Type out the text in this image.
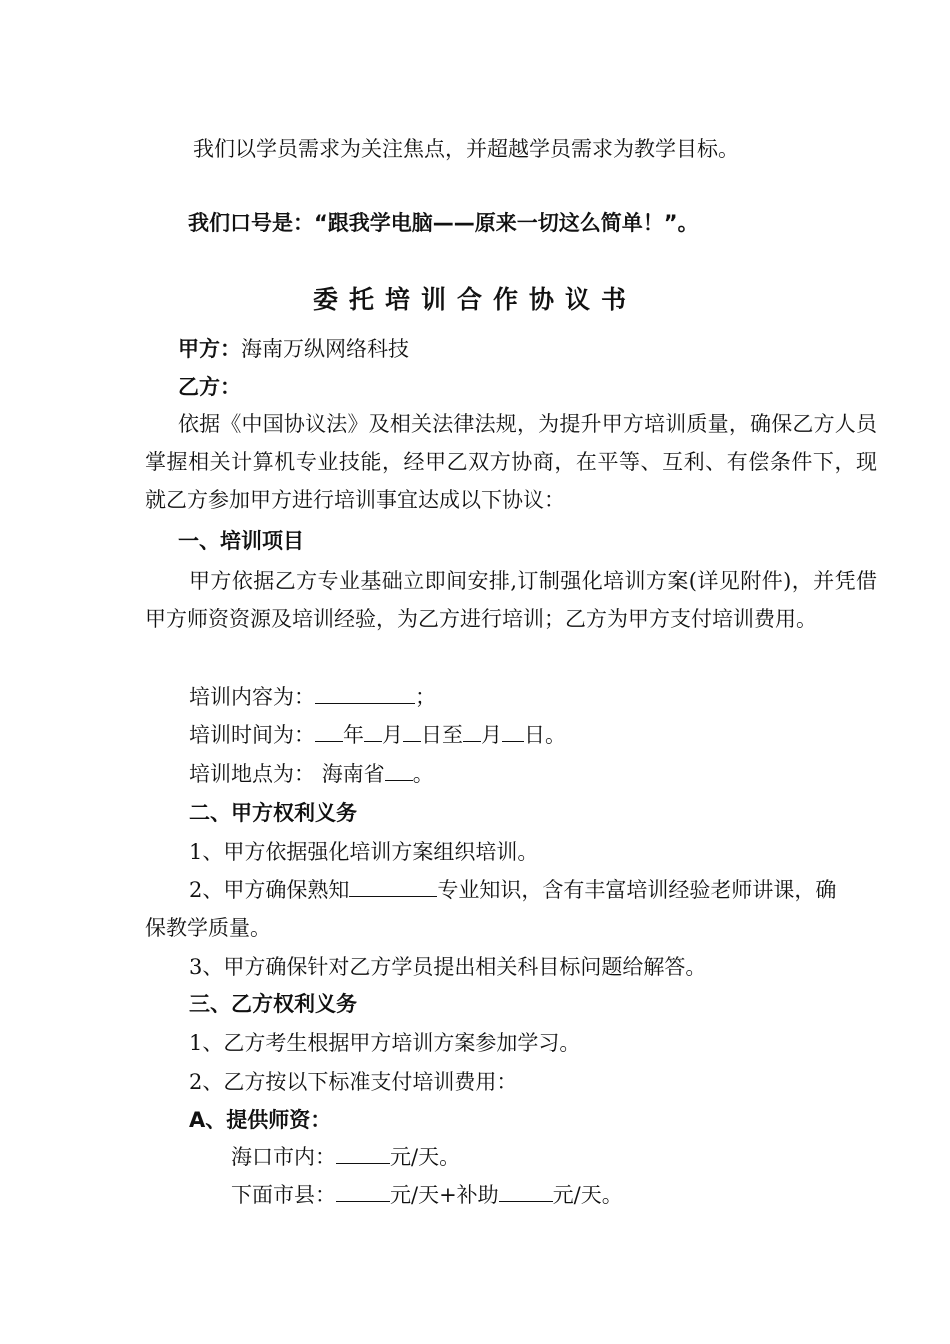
我们以学员需求为关注焦点，并超越学员需求为教学目标。
我们口号是：“跟我学电脑——原来一切这么简单！”。
委托培训合作协议书
甲方：海南万纵网络科技
乙方：
依据《中国协议法》及相关法律法规，为提升甲方培训质量，确保乙方人员掌握相关计算机专业技能，经甲乙双方协商，在平等、互利、有偿条件下，现就乙方参加甲方进行培训事宜达成以下协议：
一、培训项目
甲方依据乙方专业基础立即间安排,订制强化培训方案(详见附件)，并凭借甲方师资资源及培训经验，为乙方进行培训；乙方为甲方支付培训费用。
培训内容为：	；
培训时间为： 年 月 日至 月 日。
培训地点为： 海南省 。
二、甲方权利义务
1、甲方依据强化培训方案组织培训。
2、甲方确保熟知	专业知识，含有丰富培训经验老师讲课，确
保教学质量。
3、甲方确保针对乙方学员提出相关科目标问题给解答。
三、乙方权利义务
1、乙方考生根据甲方培训方案参加学习。
2、乙方按以下标准支付培训费用：
A、提供师资：
海口市内：	元/天。
下面市县：	元/天+补助	元/天。
